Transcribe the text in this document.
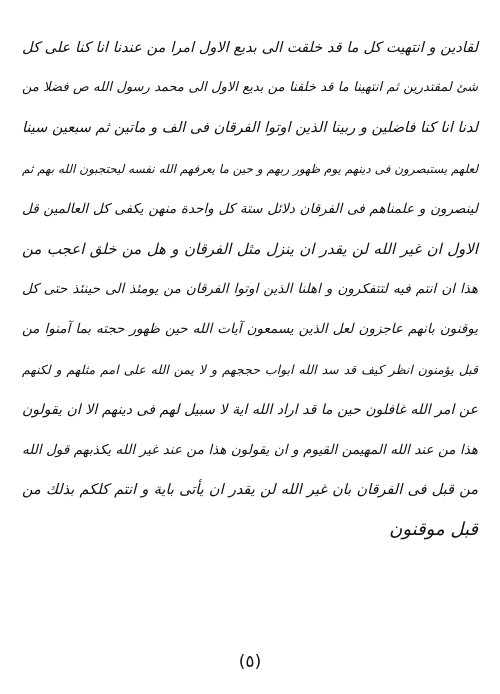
لقادين و انتهيت كل ما قد خلقت الى بديع الاول امرا من عندنا انا كنا على كل
شئ لمقتدرين ثم انتهينا ما قد خلقنا من بديع الاول الى محمد رسول الله ص فضلا من
لدنا انا كنا فاضلين و ربينا الذين اوتوا الفرقان فى الف و ماتين ثم سبعين سينا
لعلهم يستبصرون فى دينهم يوم ظهور ربهم و حين ما يعرفهم الله نفسه ليحتجبون الله بهم ثم
لينصرون و علمناهم فى الفرقان دلائل ستة كل واحدة منهن يكفى كل العالمين قل
الاول ان غير الله لن يقدر ان ينزل مثل الفرقان و هل من خلق اعجب من
هذا ان انتم فيه لتتفكرون و اهلنا الذين اوتوا الفرقان من يومئذ الى حينئذ حتى كل
يوقنون بانهم عاجزون لعل الذين يسمعون آيات الله حين ظهور حجته بما آمنوا من
قبل يؤمنون انظر كيف قد سد الله ابواب حججهم و لا يمن الله على امم مثلهم و لكنهم
عن امر الله غافلون حين ما قد اراد الله اية لا سبيل لهم فى دينهم الا ان يقولون
هذا من عند الله المهيمن القيوم و ان يقولون هذا من عند غير الله يكذبهم قول الله
من قبل فى الفرقان بان غير الله لن يقدر ان يأتى باية و انتم كلكم بذلك من
قبل موقنون
(٥)
